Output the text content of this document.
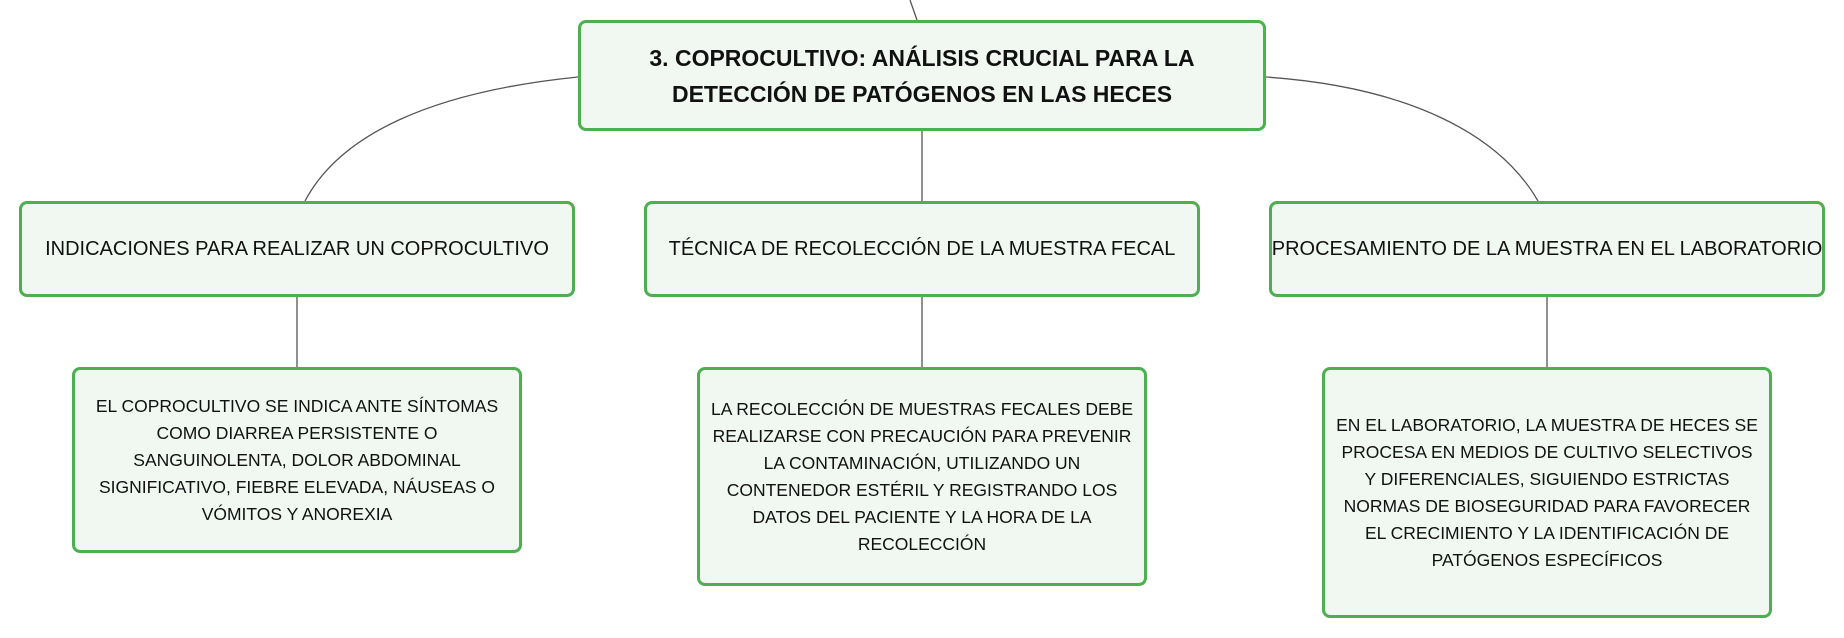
3. COPROCULTIVO: ANÁLISIS CRUCIAL PARA LA DETECCIÓN DE PATÓGENOS EN LAS HECES
INDICACIONES PARA REALIZAR UN COPROCULTIVO	TÉCNICA DE RECOLECCIÓN DE LA MUESTRA FECAL	PROCESAMIENTO DE LA MUESTRA EN EL LABORATORIO
EL COPROCULTIVO SE INDICA ANTE SÍNTOMAS COMO DIARREA PERSISTENTE O SANGUINOLENTA, DOLOR ABDOMINAL SIGNIFICATIVO, FIEBRE ELEVADA, NÁUSEAS O VÓMITOS Y ANOREXIA
LA RECOLECCIÓN DE MUESTRAS FECALES DEBE REALIZARSE CON PRECAUCIÓN PARA PREVENIR LA CONTAMINACIÓN, UTILIZANDO UN CONTENEDOR ESTÉRIL Y REGISTRANDO LOS DATOS DEL PACIENTE Y LA HORA DE LA RECOLECCIÓN
EN EL LABORATORIO, LA MUESTRA DE HECES SE PROCESA EN MEDIOS DE CULTIVO SELECTIVOS Y DIFERENCIALES, SIGUIENDO ESTRICTAS NORMAS DE BIOSEGURIDAD PARA FAVORECER EL CRECIMIENTO Y LA IDENTIFICACIÓN DE PATÓGENOS ESPECÍFICOS
